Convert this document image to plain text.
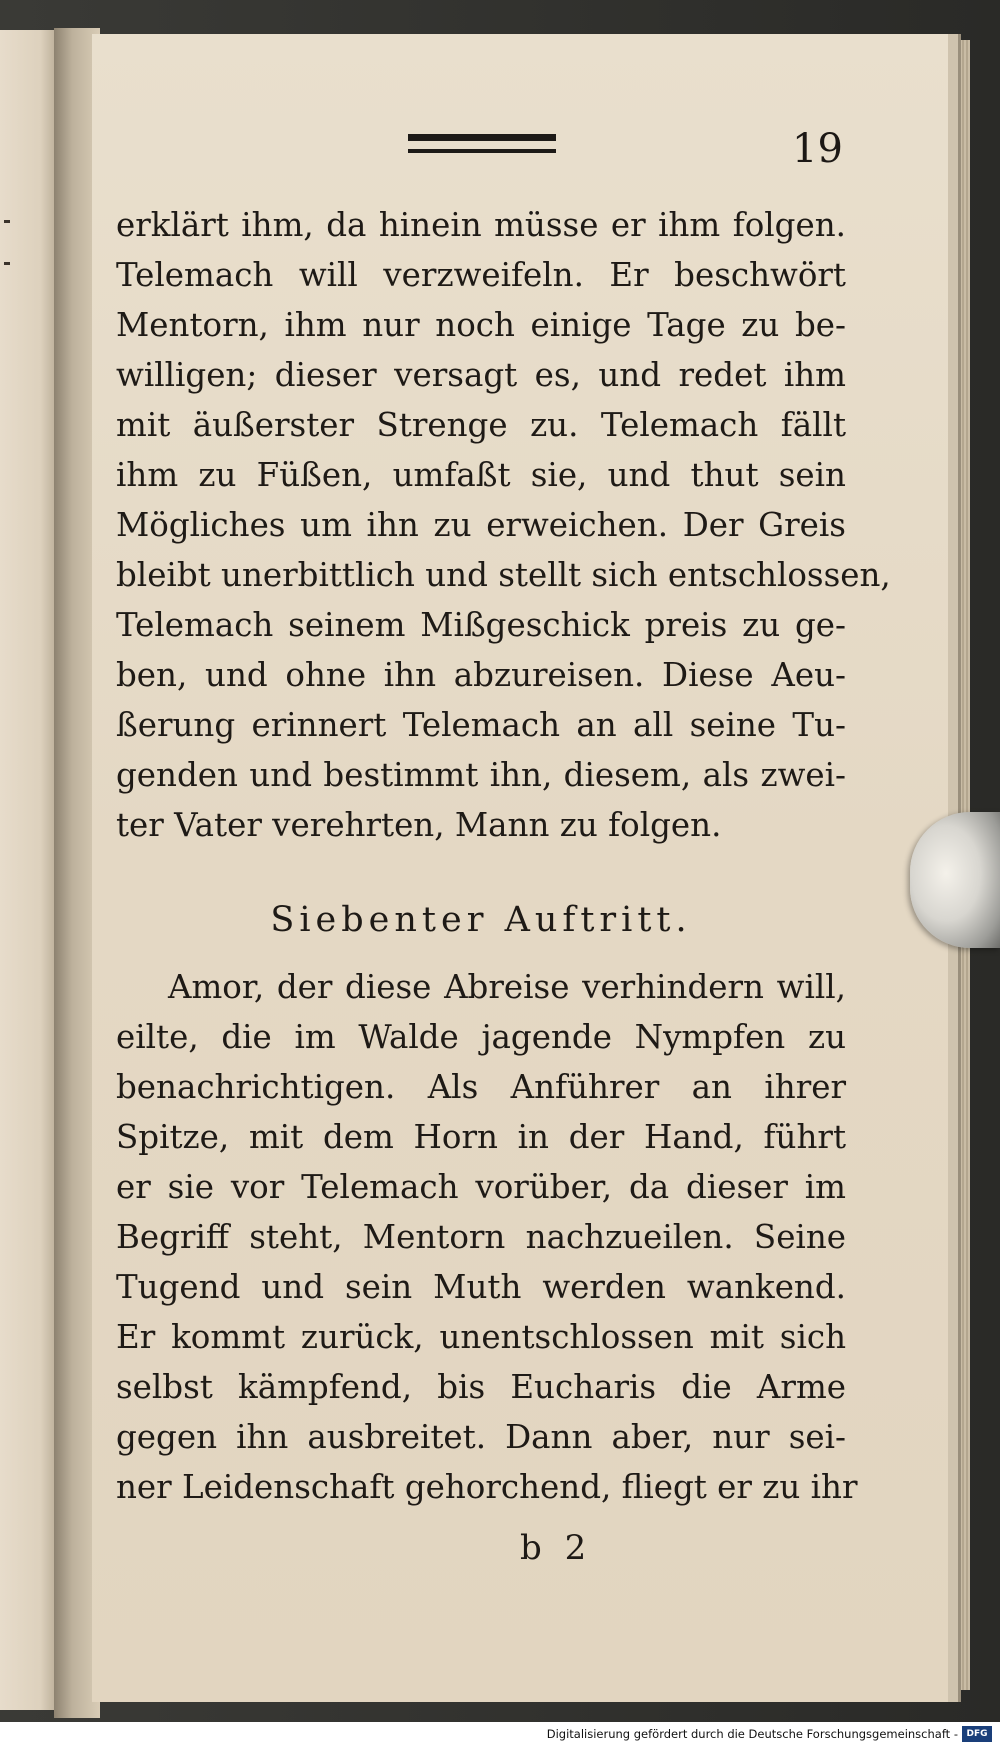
19
erklärt ihm, da hinein müsse er ihm folgen.
Telemach will verzweifeln. Er beschwört
Mentorn, ihm nur noch einige Tage zu be-
willigen; dieser versagt es, und redet ihm
mit äußerster Strenge zu. Telemach fällt
ihm zu Füßen, umfaßt sie, und thut sein
Mögliches um ihn zu erweichen. Der Greis
bleibt unerbittlich und stellt sich entschlossen,
Telemach seinem Mißgeschick preis zu ge-
ben, und ohne ihn abzureisen. Diese Aeu-
ßerung erinnert Telemach an all seine Tu-
genden und bestimmt ihn, diesem, als zwei-
ter Vater verehrten, Mann zu folgen.
Siebenter Auftritt.
Amor, der diese Abreise verhindern will,
eilte, die im Walde jagende Nympfen zu
benachrichtigen. Als Anführer an ihrer
Spitze, mit dem Horn in der Hand, führt
er sie vor Telemach vorüber, da dieser im
Begriff steht, Mentorn nachzueilen. Seine
Tugend und sein Muth werden wankend.
Er kommt zurück, unentschlossen mit sich
selbst kämpfend, bis Eucharis die Arme
gegen ihn ausbreitet. Dann aber, nur sei-
ner Leidenschaft gehorchend, fliegt er zu ihr
b 2
Digitalisierung gefördert durch die Deutsche Forschungsgemeinschaft - DFG
